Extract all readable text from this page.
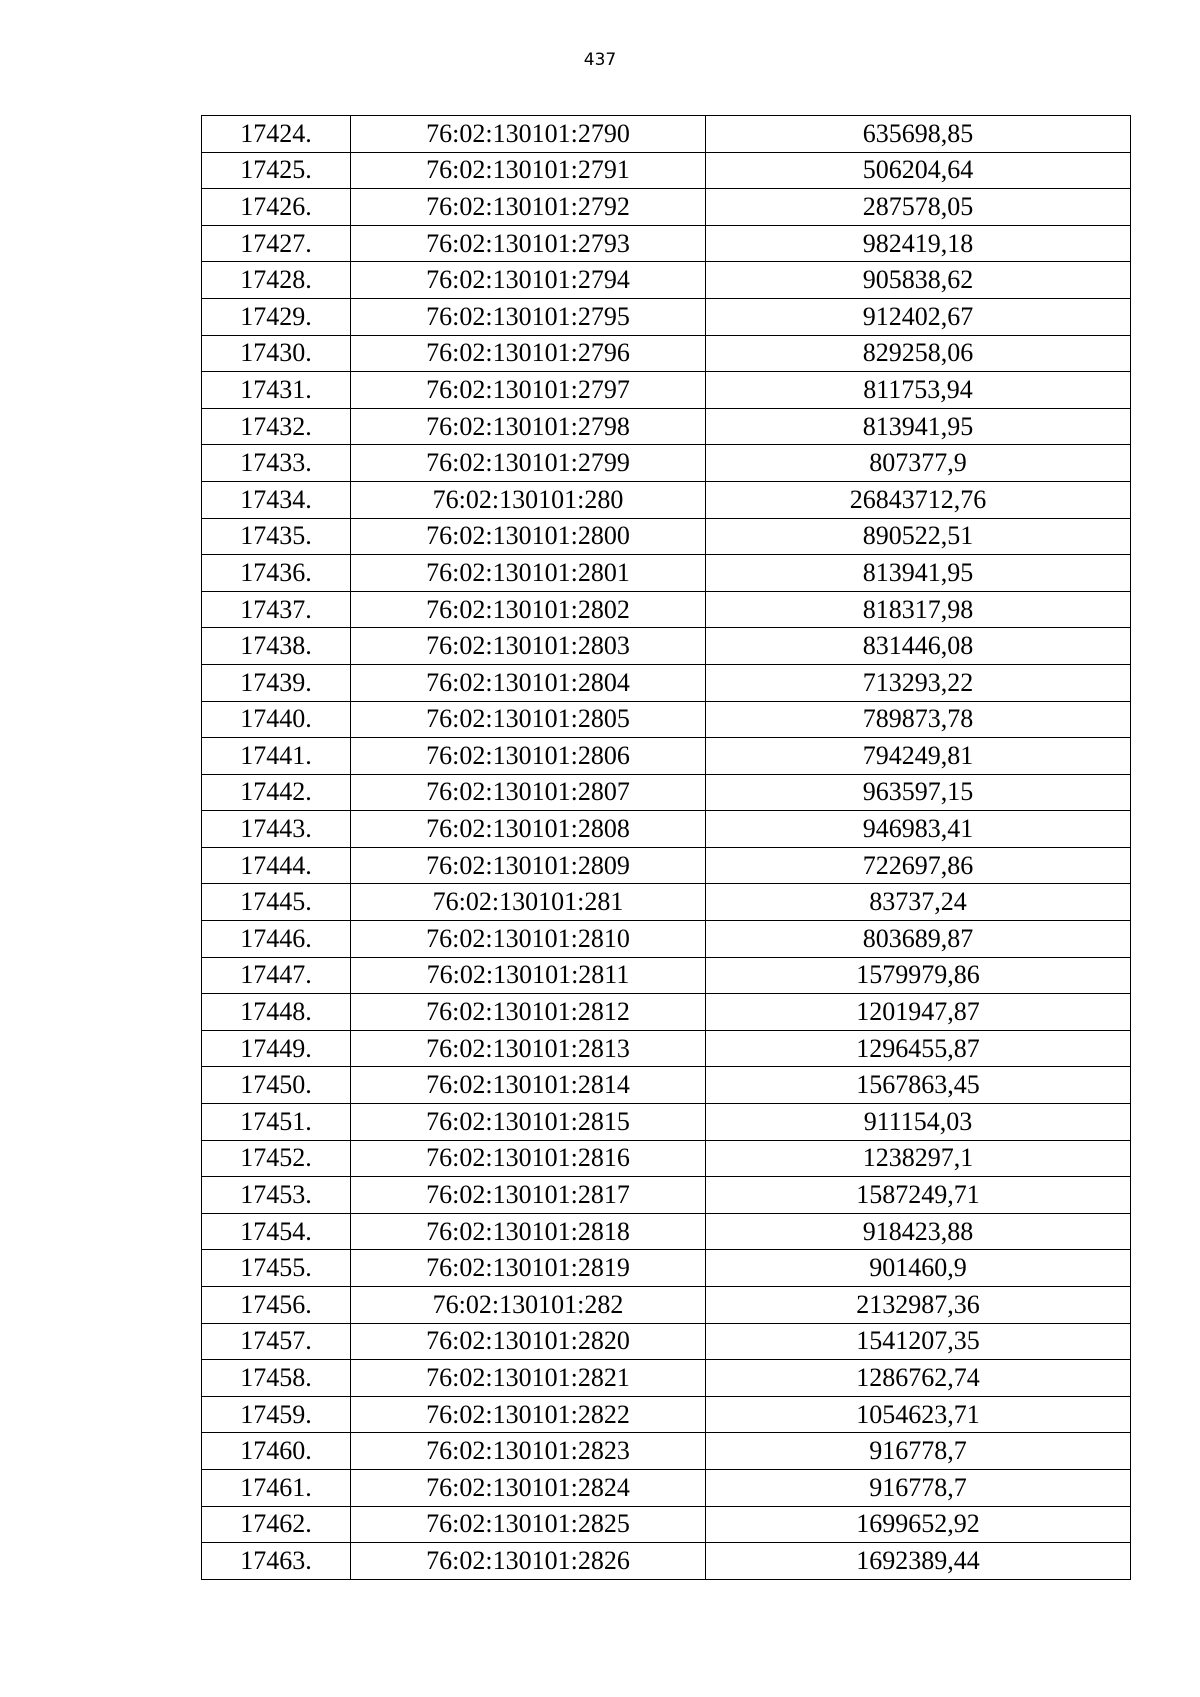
437
17424.	76:02:130101:2790	635698,85
17425.	76:02:130101:2791	506204,64
17426.	76:02:130101:2792	287578,05
17427.	76:02:130101:2793	982419,18
17428.	76:02:130101:2794	905838,62
17429.	76:02:130101:2795	912402,67
17430.	76:02:130101:2796	829258,06
17431.	76:02:130101:2797	811753,94
17432.	76:02:130101:2798	813941,95
17433.	76:02:130101:2799	807377,9
17434.	76:02:130101:280	26843712,76
17435.	76:02:130101:2800	890522,51
17436.	76:02:130101:2801	813941,95
17437.	76:02:130101:2802	818317,98
17438.	76:02:130101:2803	831446,08
17439.	76:02:130101:2804	713293,22
17440.	76:02:130101:2805	789873,78
17441.	76:02:130101:2806	794249,81
17442.	76:02:130101:2807	963597,15
17443.	76:02:130101:2808	946983,41
17444.	76:02:130101:2809	722697,86
17445.	76:02:130101:281	83737,24
17446.	76:02:130101:2810	803689,87
17447.	76:02:130101:2811	1579979,86
17448.	76:02:130101:2812	1201947,87
17449.	76:02:130101:2813	1296455,87
17450.	76:02:130101:2814	1567863,45
17451.	76:02:130101:2815	911154,03
17452.	76:02:130101:2816	1238297,1
17453.	76:02:130101:2817	1587249,71
17454.	76:02:130101:2818	918423,88
17455.	76:02:130101:2819	901460,9
17456.	76:02:130101:282	2132987,36
17457.	76:02:130101:2820	1541207,35
17458.	76:02:130101:2821	1286762,74
17459.	76:02:130101:2822	1054623,71
17460.	76:02:130101:2823	916778,7
17461.	76:02:130101:2824	916778,7
17462.	76:02:130101:2825	1699652,92
17463.	76:02:130101:2826	1692389,44
